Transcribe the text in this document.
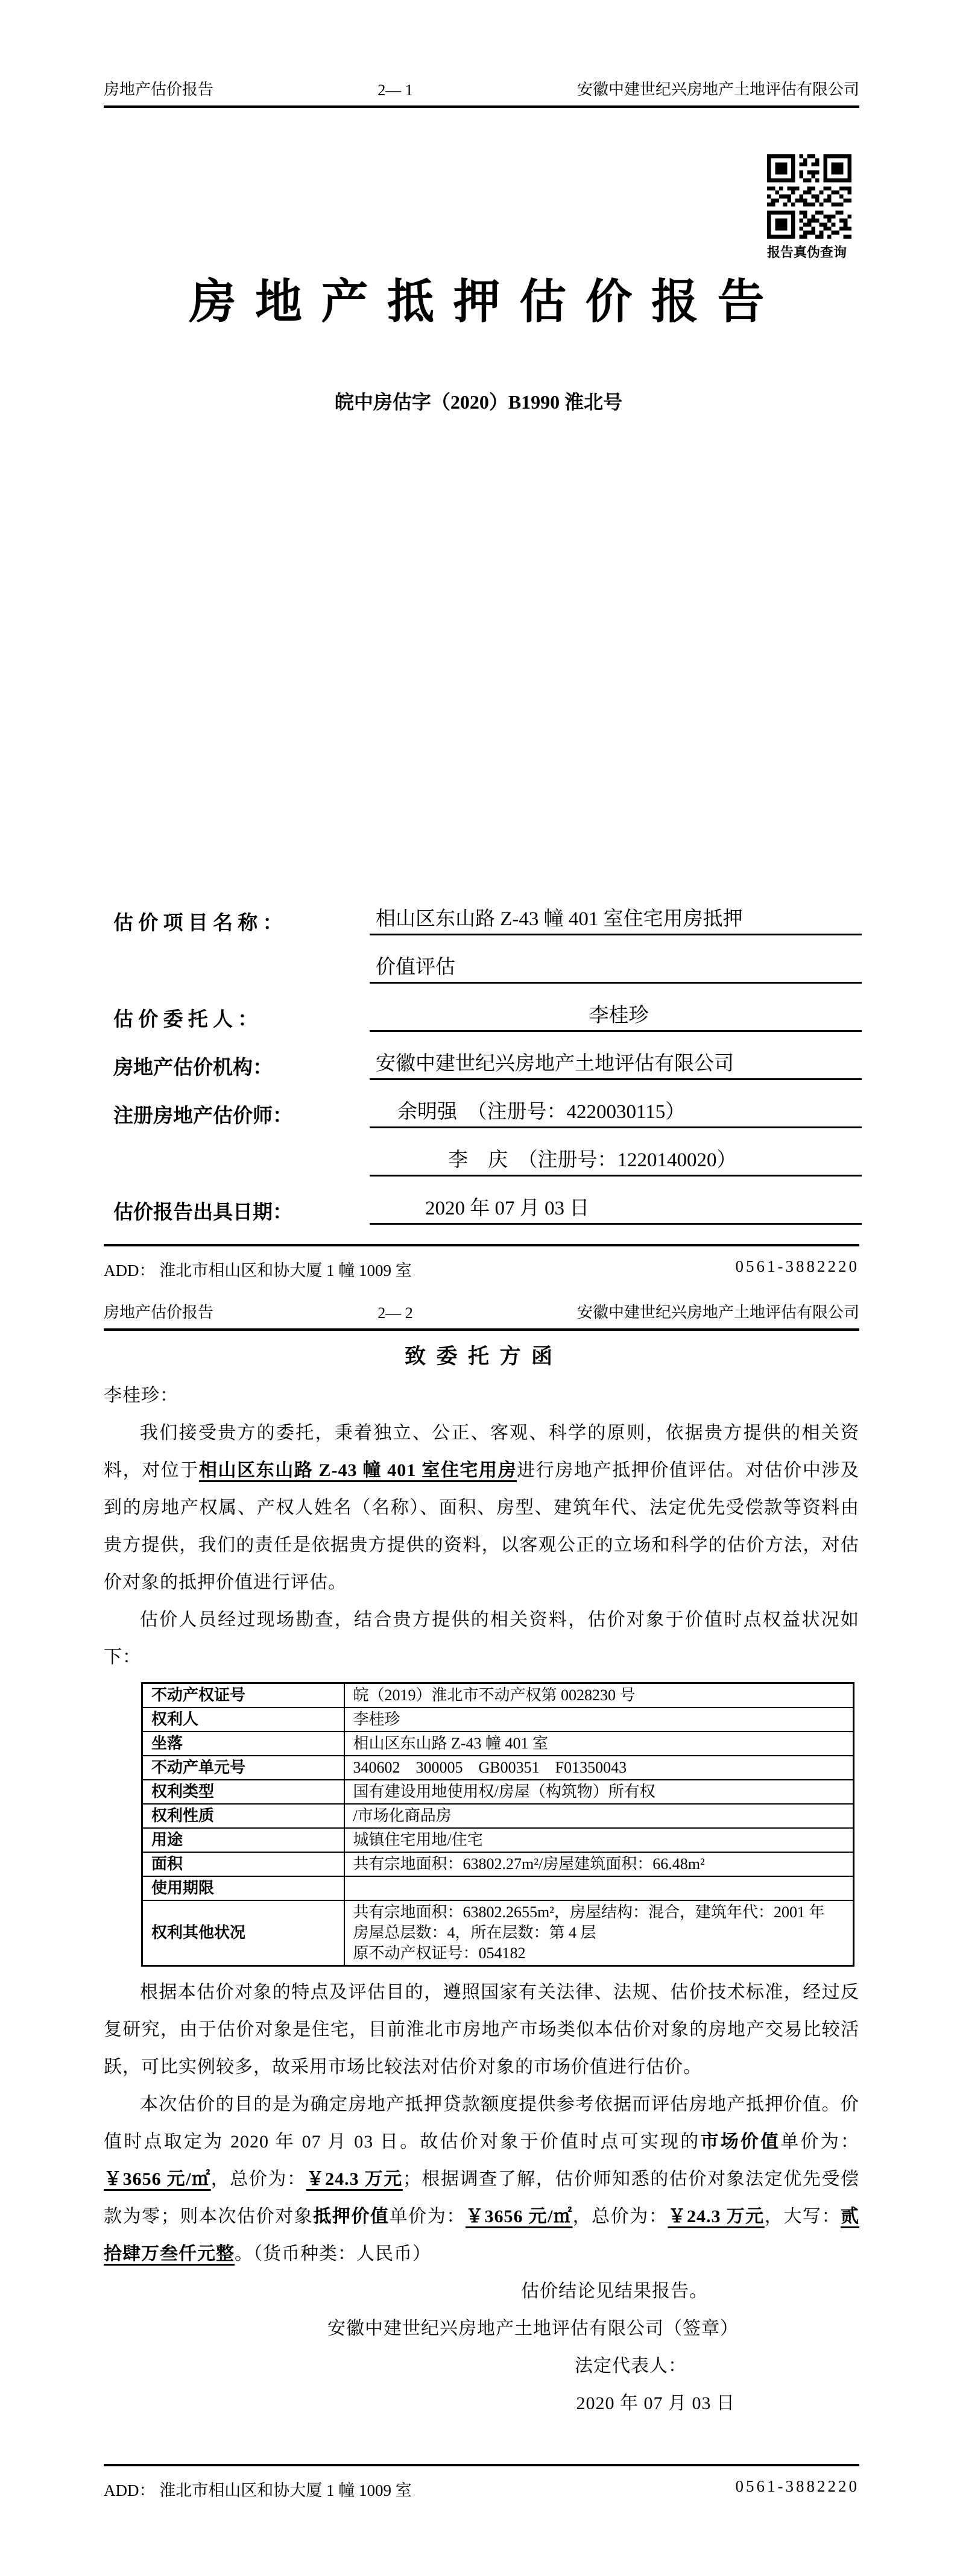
房地产估价报告	2— 1	安徽中建世纪兴房地产土地评估有限公司
报告真伪查询
房 地 产 抵 押 估 价 报 告
皖中房估字（2020）B1990 淮北号
估 价 项 目 名 称 ：	相山区东山路 Z-43 幢 401 室住宅用房抵押
价值评估
估 价 委 托 人 ：	李桂珍
房地产估价机构：	安徽中建世纪兴房地产土地评估有限公司
注册房地产估价师：	余明强　（注册号：4220030115）
李　庆　（注册号：1220140020）
估价报告出具日期：	2020 年 07 月 03 日
ADD： 淮北市相山区和协大厦 1 幢 1009 室	0561-3882220
房地产估价报告	2— 2	安徽中建世纪兴房地产土地评估有限公司
致  委  托  方  函
李桂珍：
我们接受贵方的委托，秉着独立、公正、客观、科学的原则，依据贵方提供的相关资料，对位于相山区东山路 Z-43 幢 401 室住宅用房进行房地产抵押价值评估。对估价中涉及到的房地产权属、产权人姓名（名称）、面积、房型、建筑年代、法定优先受偿款等资料由贵方提供，我们的责任是依据贵方提供的资料，以客观公正的立场和科学的估价方法，对估价对象的抵押价值进行评估。
估价人员经过现场勘查，结合贵方提供的相关资料，估价对象于价值时点权益状况如下：
不动产权证号	皖（2019）淮北市不动产权第 0028230 号
权利人	李桂珍
坐落	相山区东山路 Z-43 幢 401 室
不动产单元号	340602　300005　GB00351　F01350043
权利类型	国有建设用地使用权/房屋（构筑物）所有权
权利性质	/市场化商品房
用途	城镇住宅用地/住宅
面积	共有宗地面积：63802.27m²/房屋建筑面积：66.48m²
使用期限	
权利其他状况	共有宗地面积：63802.2655m²，房屋结构：混合，建筑年代：2001 年
房屋总层数：4，所在层数：第 4 层
原不动产权证号：054182
根据本估价对象的特点及评估目的，遵照国家有关法律、法规、估价技术标准，经过反复研究，由于估价对象是住宅，目前淮北市房地产市场类似本估价对象的房地产交易比较活跃，可比实例较多，故采用市场比较法对估价对象的市场价值进行估价。
本次估价的目的是为确定房地产抵押贷款额度提供参考依据而评估房地产抵押价值。价值时点取定为 2020 年 07 月 03 日。故估价对象于价值时点可实现的市场价值单价为：￥3656 元/㎡，总价为：￥24.3 万元；根据调查了解，估价师知悉的估价对象法定优先受偿款为零；则本次估价对象抵押价值单价为：￥3656 元/㎡，总价为：￥24.3 万元，大写：贰拾肆万叁仟元整。（货币种类：人民币）
估价结论见结果报告。
安徽中建世纪兴房地产土地评估有限公司（签章）
法定代表人：
2020 年 07 月 03 日
ADD： 淮北市相山区和协大厦 1 幢 1009 室	0561-3882220
